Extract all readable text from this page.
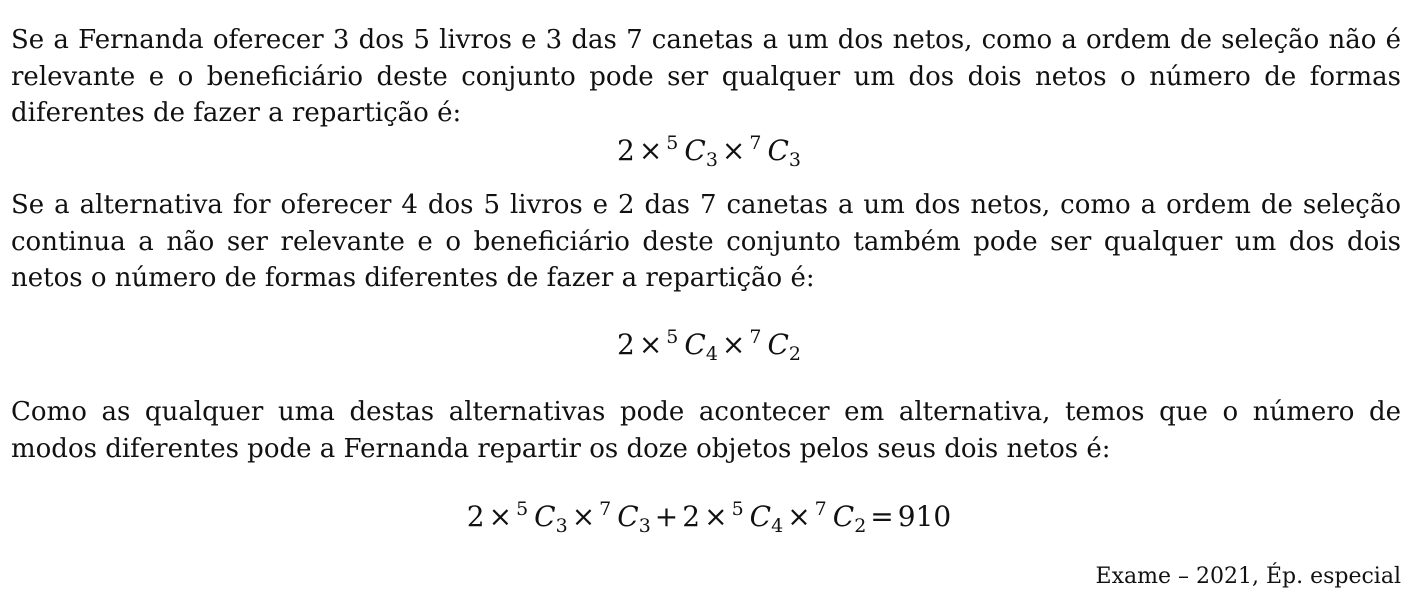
Se a Fernanda oferecer 3 dos 5 livros e 3 das 7 canetas a um dos netos, como a ordem de seleção não é relevante e o beneficiário deste conjunto pode ser qualquer um dos dois netos o número de formas diferentes de fazer a repartição é:

2 × $^5$ $C_3 \times ^7$ $C_3$

Se a alternativa for oferecer 4 dos 5 livros e 2 das 7 canetas a um dos netos, como a ordem de seleção continua a não ser relevante e o beneficiário deste conjunto também pode ser qualquer um dos dois netos o número de formas diferentes de fazer a repartição é:

2 × $^5$ $C_4 \times ^7$ $C_2$

Como as qualquer uma destas alternativas pode acontecer em alternativa, temos que o número de modos diferentes pode a Fernanda repartir os doze objetos pelos seus dois netos é:

2 × $^5$ $C_3 \times ^7$ $C_3 + 2 \times ^5$ $C_4 \times ^7$ $C_2 = 910$
Exame – 2021, Ép. especial
